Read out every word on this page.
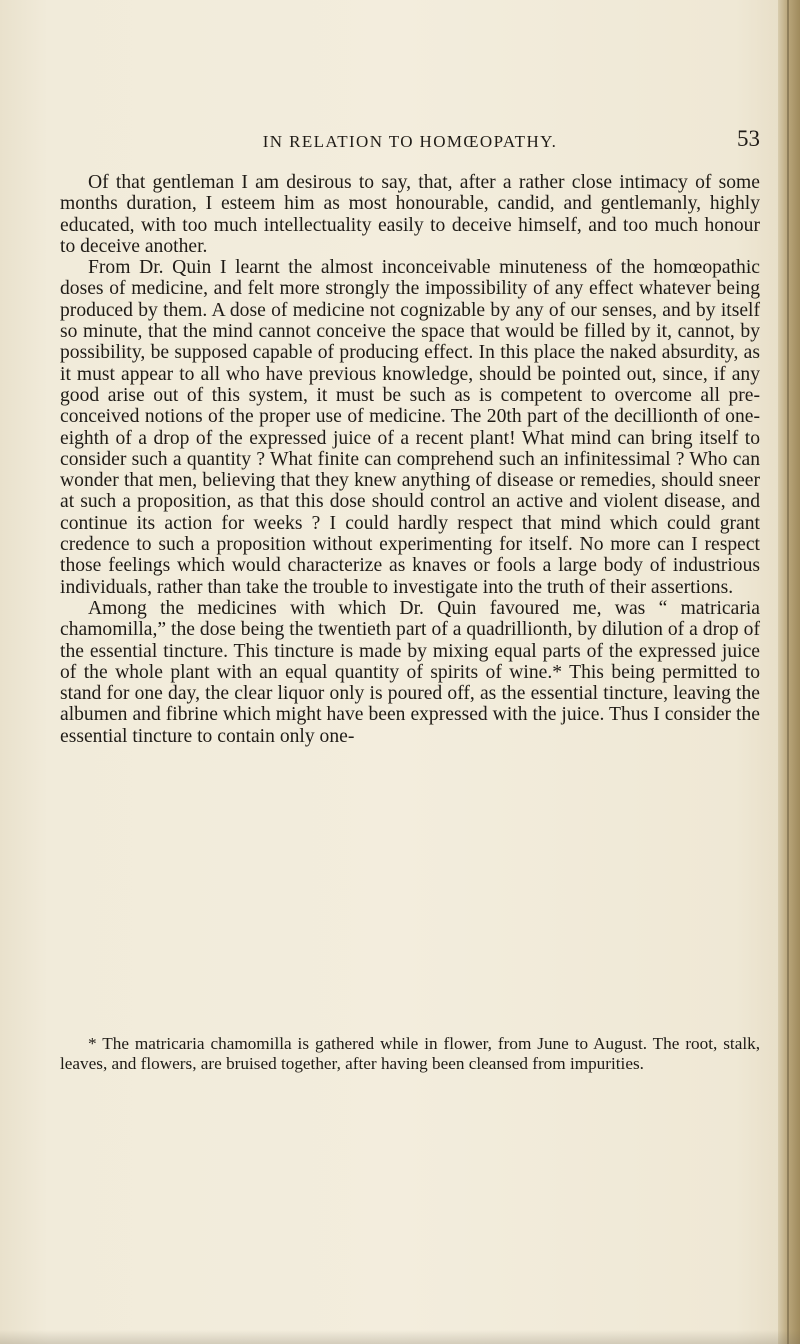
IN RELATION TO HOMŒOPATHY.	53

Of that gentleman I am desirous to say, that, after a rather close intimacy of some months duration, I esteem him as most honourable, candid, and gentlemanly, highly educated, with too much intellectuality easily to deceive himself, and too much honour to deceive another.

From Dr. Quin I learnt the almost inconceivable minuteness of the homœopathic doses of medicine, and felt more strongly the impossibility of any effect whatever being produced by them. A dose of medicine not cognizable by any of our senses, and by itself so minute, that the mind cannot conceive the space that would be filled by it, cannot, by possibility, be supposed capable of producing effect. In this place the naked absurdity, as it must appear to all who have previous knowledge, should be pointed out, since, if any good arise out of this system, it must be such as is competent to overcome all pre-conceived notions of the proper use of medicine. The 20th part of the decillionth of one-eighth of a drop of the expressed juice of a recent plant! What mind can bring itself to consider such a quantity ? What finite can comprehend such an infinitessimal ? Who can wonder that men, believing that they knew anything of disease or remedies, should sneer at such a proposition, as that this dose should control an active and violent disease, and continue its action for weeks ? I could hardly respect that mind which could grant credence to such a proposition without experimenting for itself. No more can I respect those feelings which would characterize as knaves or fools a large body of industrious individuals, rather than take the trouble to investigate into the truth of their assertions.

Among the medicines with which Dr. Quin favoured me, was “ matricaria chamomilla,” the dose being the twentieth part of a quadrillionth, by dilution of a drop of the essential tincture. This tincture is made by mixing equal parts of the expressed juice of the whole plant with an equal quantity of spirits of wine.* This being permitted to stand for one day, the clear liquor only is poured off, as the essential tincture, leaving the albumen and fibrine which might have been expressed with the juice. Thus I consider the essential tincture to contain only one-

* The matricaria chamomilla is gathered while in flower, from June to August. The root, stalk, leaves, and flowers, are bruised together, after having been cleansed from impurities.
